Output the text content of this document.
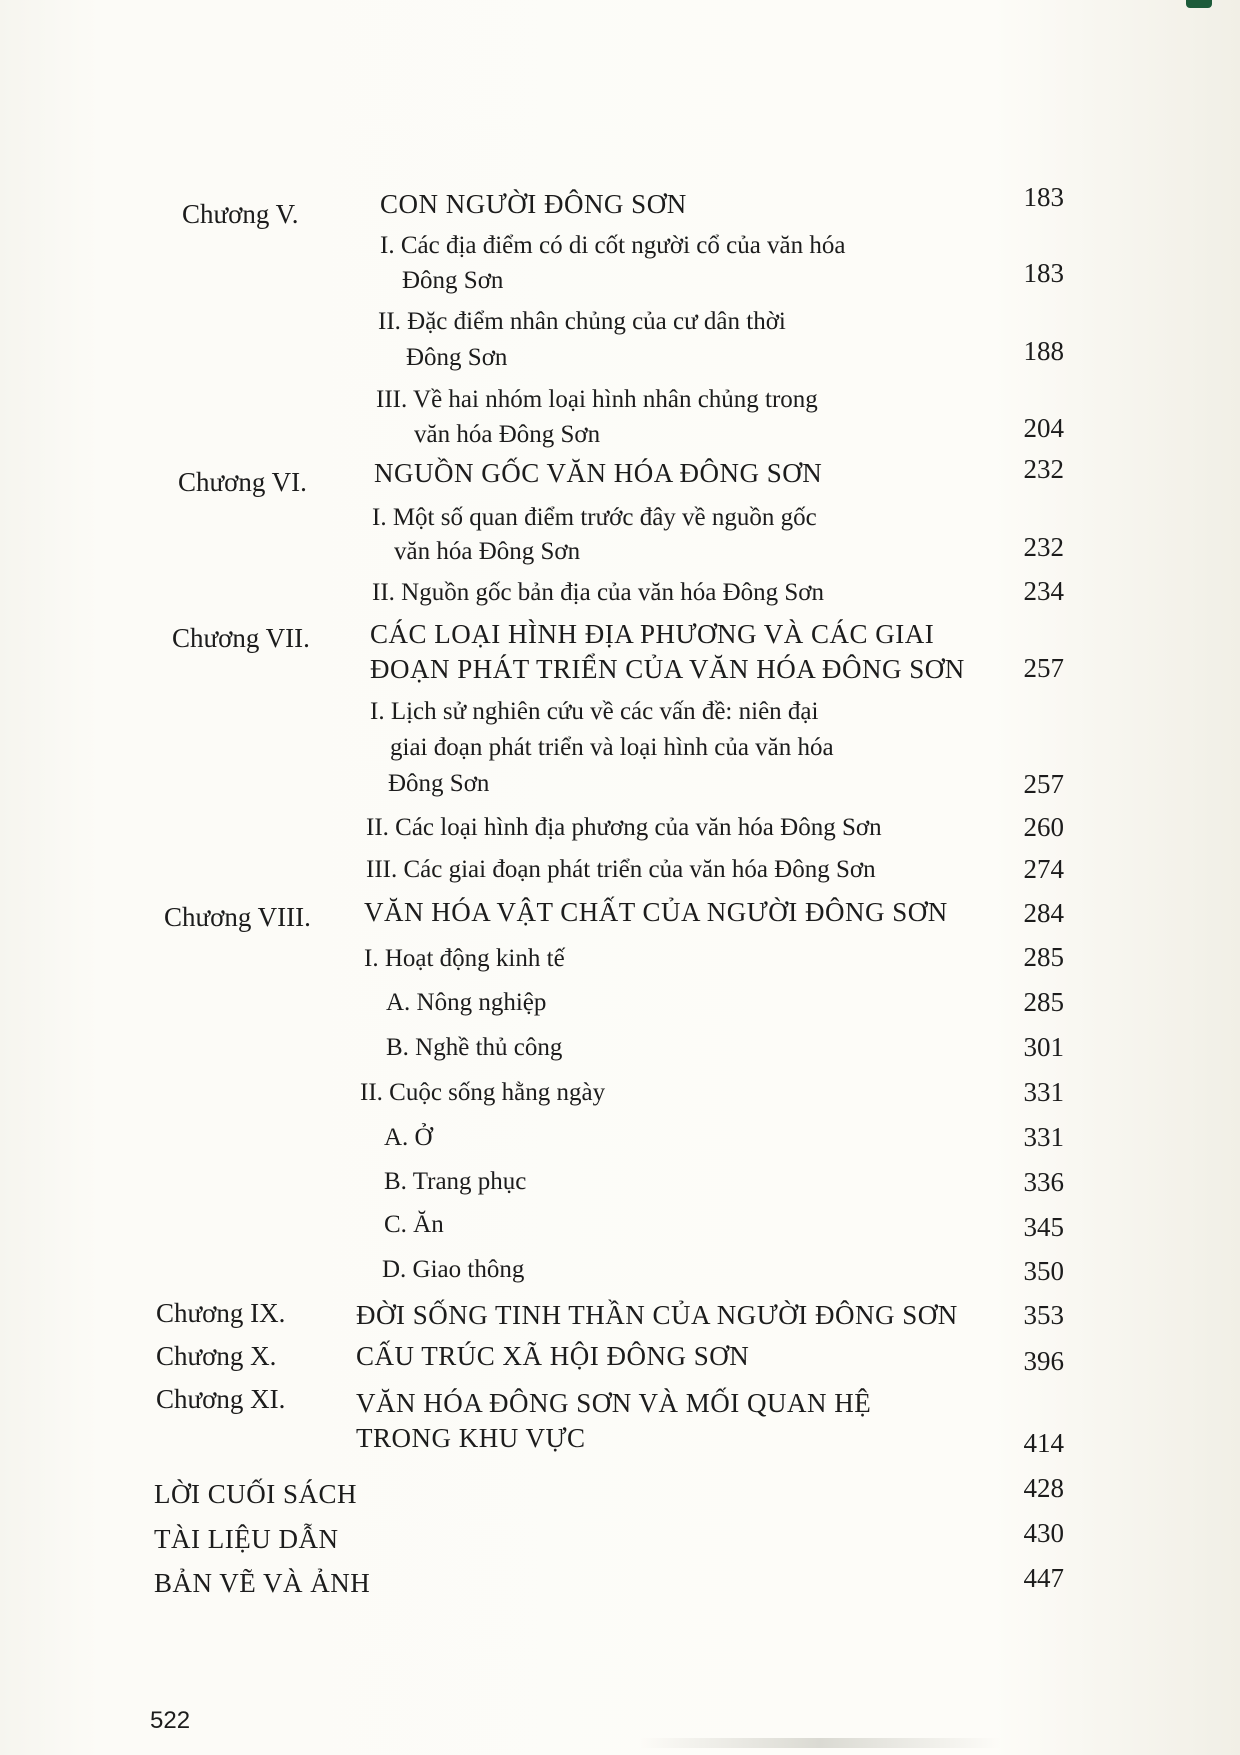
Chương V.	CON NGƯỜI ĐÔNG SƠN	183
I. Các địa điểm có di cốt người cổ của văn hóa
Đông Sơn	183
II. Đặc điểm nhân chủng của cư dân thời
Đông Sơn	188
III. Về hai nhóm loại hình nhân chủng trong
văn hóa Đông Sơn	204
Chương VI. NGUỒN GỐC VĂN HÓA ĐÔNG SƠN	232
I. Một số quan điểm trước đây về nguồn gốc
văn hóa Đông Sơn	232
II. Nguồn gốc bản địa của văn hóa Đông Sơn	234
Chương VII. CÁC LOẠI HÌNH ĐỊA PHƯƠNG VÀ CÁC GIAI
ĐOẠN PHÁT TRIỂN CỦA VĂN HÓA ĐÔNG SƠN 257
I. Lịch sử nghiên cứu về các vấn đề: niên đại
giai đoạn phát triển và loại hình của văn hóa
Đông Sơn	257
II. Các loại hình địa phương của văn hóa Đông Sơn	260
III. Các giai đoạn phát triển của văn hóa Đông Sơn	274
Chương VIII. VĂN HÓA VẬT CHẤT CỦA NGƯỜI ĐÔNG SƠN	284
I. Hoạt động kinh tế	285
A. Nông nghiệp	285
B. Nghề thủ công	301
II. Cuộc sống hằng ngày	331
A. Ở	331
B. Trang phục	336
C. Ăn	345
D. Giao thông	350
Chương IX.	ĐỜI SỐNG TINH THẦN CỦA NGƯỜI ĐÔNG SƠN 353
Chương X.	CẤU TRÚC XÃ HỘI ĐÔNG SƠN	396
Chương XI.	VĂN HÓA ĐÔNG SƠN VÀ MỐI QUAN HỆ
TRONG KHU VỰC	414
LỜI CUỐI SÁCH	428
TÀI LIỆU DẪN	430
BẢN VẼ VÀ ẢNH	447
522
